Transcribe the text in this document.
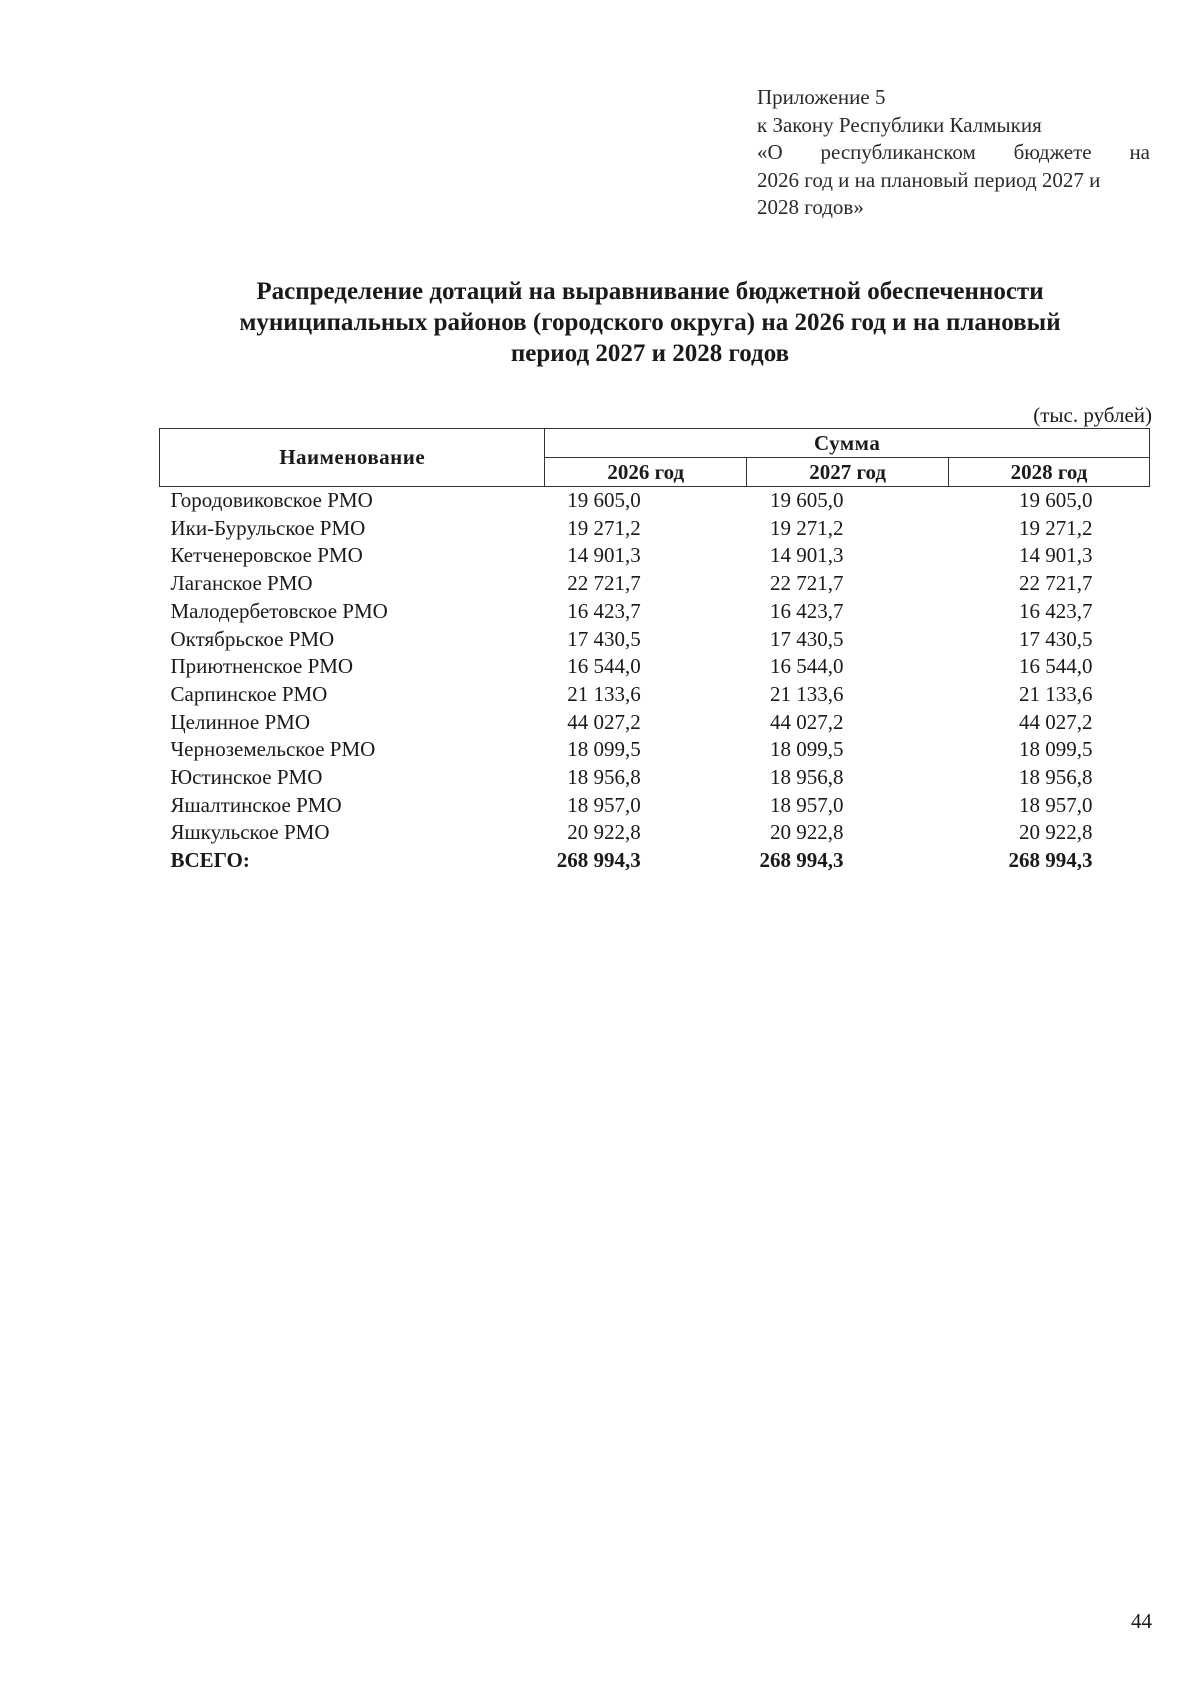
Приложение 5
к Закону Республики Калмыкия
«О республиканском бюджете на
2026 год и на плановый период 2027 и
2028 годов»
Распределение дотаций на выравнивание бюджетной обеспеченности
муниципальных районов (городского округа) на 2026 год и на плановый
период 2027 и 2028 годов
(тыс. рублей)
Наименование	Сумма		
	2026 год	2027 год	2028 год
Городовиковское РМО	19 605,0	19 605,0	19 605,0
Ики-Бурульское РМО	19 271,2	19 271,2	19 271,2
Кетченеровское РМО	14 901,3	14 901,3	14 901,3
Лаганское РМО	22 721,7	22 721,7	22 721,7
Малодербетовское РМО	16 423,7	16 423,7	16 423,7
Октябрьское РМО	17 430,5	17 430,5	17 430,5
Приютненское РМО	16 544,0	16 544,0	16 544,0
Сарпинское РМО	21 133,6	21 133,6	21 133,6
Целинное РМО	44 027,2	44 027,2	44 027,2
Черноземельское РМО	18 099,5	18 099,5	18 099,5
Юстинское РМО	18 956,8	18 956,8	18 956,8
Яшалтинское РМО	18 957,0	18 957,0	18 957,0
Яшкульское РМО	20 922,8	20 922,8	20 922,8
ВСЕГО:	268 994,3	268 994,3	268 994,3
44
